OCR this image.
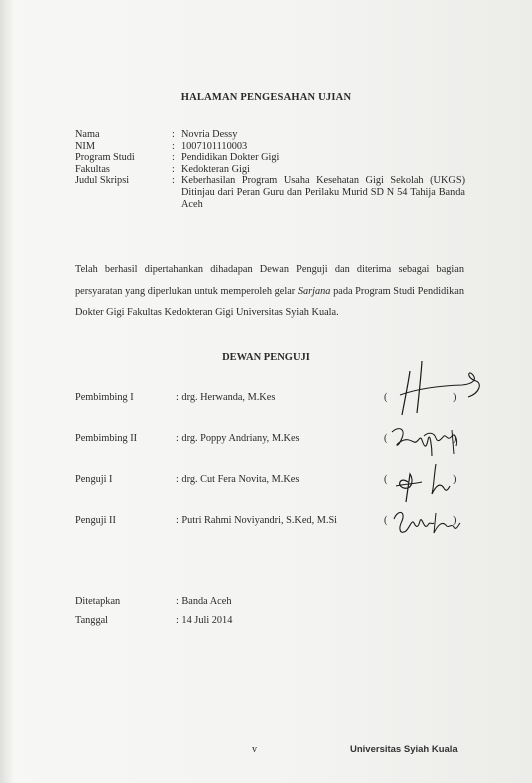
HALAMAN PENGESAHAN UJIAN
Nama	: Novria Dessy
NIM	: 1007101110003
Program Studi	: Pendidikan Dokter Gigi
Fakultas	: Kedokteran Gigi
Judul Skripsi	: Keberhasilan Program Usaha Kesehatan Gigi Sekolah (UKGS) Ditinjau dari Peran Guru dan Perilaku Murid SD N 54 Tahija Banda Aceh

Telah berhasil dipertahankan dihadapan Dewan Penguji dan diterima sebagai bagian persyaratan yang diperlukan untuk memperoleh gelar Sarjana pada Program Studi Pendidikan Dokter Gigi Fakultas Kedokteran Gigi Universitas Syiah Kuala.

DEWAN PENGUJI
Pembimbing I	: drg. Herwanda, M.Kes	(	)
Pembimbing II	: drg. Poppy Andriany, M.Kes	(	)
Penguji I	: drg. Cut Fera Novita, M.Kes	(	)
Penguji II	: Putri Rahmi Noviyandri, S.Ked, M.Si	(	)
Ditetapkan	: Banda Aceh
Tanggal	: 14 Juli 2014
v	Universitas Syiah Kuala
